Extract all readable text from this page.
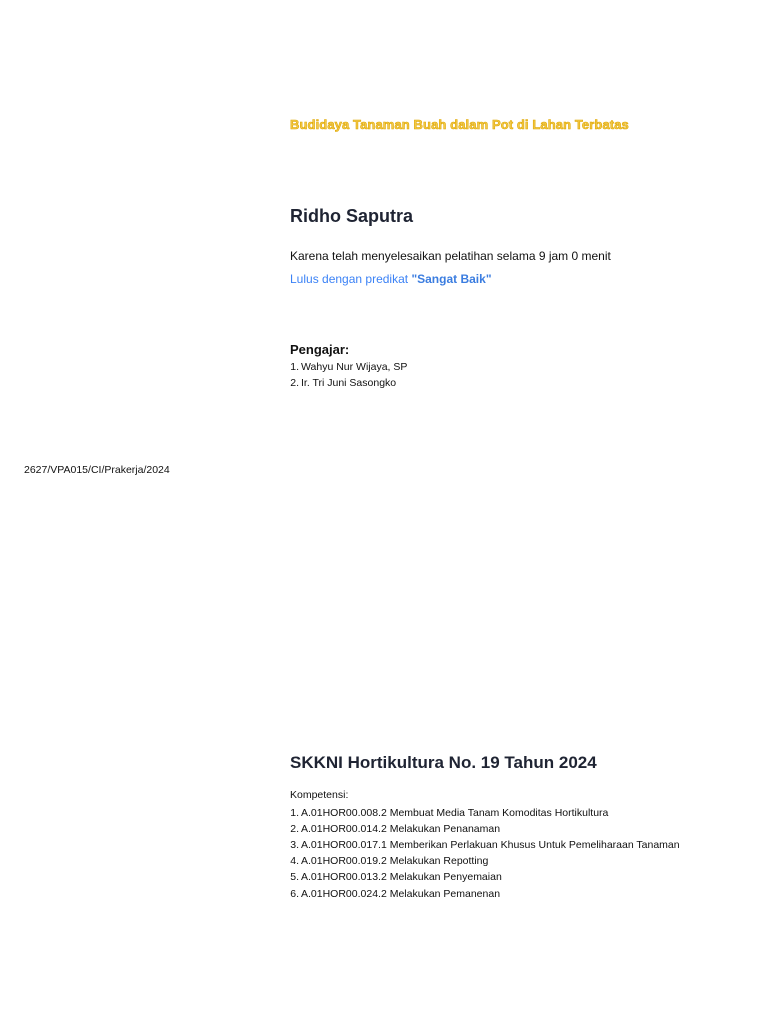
Budidaya Tanaman Buah dalam Pot di Lahan Terbatas
Ridho Saputra
Karena telah menyelesaikan pelatihan selama 9 jam 0 menit
Lulus dengan predikat "Sangat Baik"
Pengajar:
1. Wahyu Nur Wijaya, SP
2. Ir. Tri Juni Sasongko
2627/VPA015/CI/Prakerja/2024
SKKNI Hortikultura No. 19 Tahun 2024
Kompetensi:
1. A.01HOR00.008.2 Membuat Media Tanam Komoditas Hortikultura
2. A.01HOR00.014.2 Melakukan Penanaman
3. A.01HOR00.017.1 Memberikan Perlakuan Khusus Untuk Pemeliharaan Tanaman
4. A.01HOR00.019.2 Melakukan Repotting
5. A.01HOR00.013.2 Melakukan Penyemaian
6. A.01HOR00.024.2 Melakukan Pemanenan
